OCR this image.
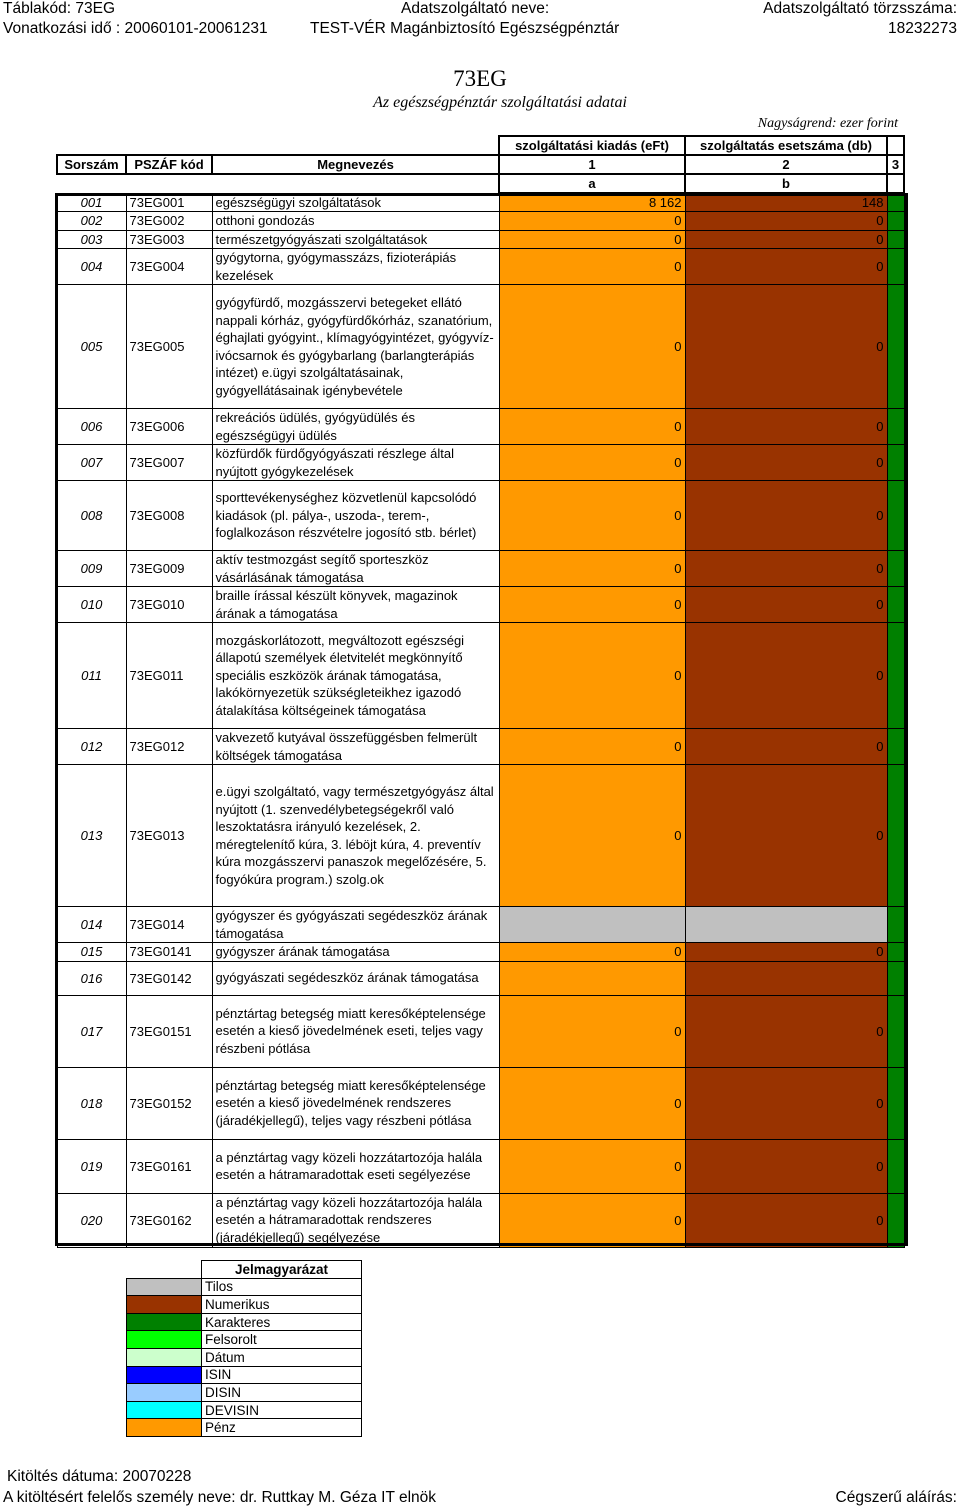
Táblakód: 73EG	Adatszolgáltató neve:	Adatszolgáltató törzsszáma:
Vonatkozási idő : 20060101-20061231	TEST-VÉR Magánbiztosító Egészségpénztár	18232273
73EG
Az egészségpénztár szolgáltatási adatai
Nagyságrend: ezer forint
			szolgáltatási kiadás (eFt)	szolgáltatás esetszáma (db)	
Sorszám	PSZÁF kód	Megnevezés	1	2	3
			a	b	
001	73EG001	egészségügyi szolgáltatások	8 162	148	
002	73EG002	otthoni gondozás	0	0	
003	73EG003	természetgyógyászati szolgáltatások	0	0	
004	73EG004	gyógytorna, gyógymasszázs, fizioterápiás kezelések	0	0	
005	73EG005	gyógyfürdő, mozgásszervi betegeket ellátó nappali kórház, gyógyfürdőkórház, szanatórium, éghajlati gyógyint., klímagyógyintézet, gyógyvíz-ivócsarnok és gyógybarlang (barlangterápiás intézet) e.ügyi szolgáltatásainak, gyógyellátásainak igénybevétele	0	0	
006	73EG006	rekreációs üdülés, gyógyüdülés és egészségügyi üdülés	0	0	
007	73EG007	közfürdők fürdőgyógyászati részlege által nyújtott gyógykezelések	0	0	
008	73EG008	sporttevékenységhez közvetlenül kapcsolódó kiadások (pl. pálya-, uszoda-, terem-, foglalkozáson részvételre jogosító stb. bérlet)	0	0	
009	73EG009	aktív testmozgást segítő sporteszköz vásárlásának támogatása	0	0	
010	73EG010	braille írással készült könyvek, magazinok árának a támogatása	0	0	
011	73EG011	mozgáskorlátozott, megváltozott egészségi állapotú személyek életvitelét megkönnyítő speciális eszközök árának támogatása, lakókörnyezetük szükségleteikhez igazodó átalakítása költségeinek támogatása	0	0	
012	73EG012	vakvezető kutyával összefüggésben felmerült költségek támogatása	0	0	
013	73EG013	e.ügyi szolgáltató, vagy természetgyógyász által nyújtott (1. szenvedélybetegségekről való leszoktatásra irányuló kezelések, 2. méregtelenítő kúra, 3. léböjt kúra, 4. preventív kúra mozgásszervi panaszok megelőzésére, 5. fogyókúra program.) szolg.ok	0	0	
014	73EG014	gyógyszer és gyógyászati segédeszköz árának támogatása			
015	73EG0141	gyógyszer árának támogatása	0	0	
016	73EG0142	gyógyászati segédeszköz árának támogatása			
017	73EG0151	pénztártag betegség miatt keresőképtelensége esetén a kieső jövedelmének eseti, teljes vagy részbeni pótlása	0	0	
018	73EG0152	pénztártag betegség miatt keresőképtelensége esetén a kieső jövedelmének rendszeres (járadékjellegű), teljes vagy részbeni pótlása	0	0	
019	73EG0161	a pénztártag vagy közeli hozzátartozója halála esetén a hátramaradottak eseti segélyezése	0	0	
020	73EG0162	a pénztártag vagy közeli hozzátartozója halála esetén a hátramaradottak rendszeres (járadékjellegű) segélyezése	0	0	
	Jelmagyarázat
	Tilos
	Numerikus
	Karakteres
	Felsorolt
	Dátum
	ISIN
	DISIN
	DEVISIN
	Pénz
Kitöltés dátuma: 20070228
A kitöltésért felelős személy neve: dr. Ruttkay M. Géza IT elnök	Cégszerű aláírás:
